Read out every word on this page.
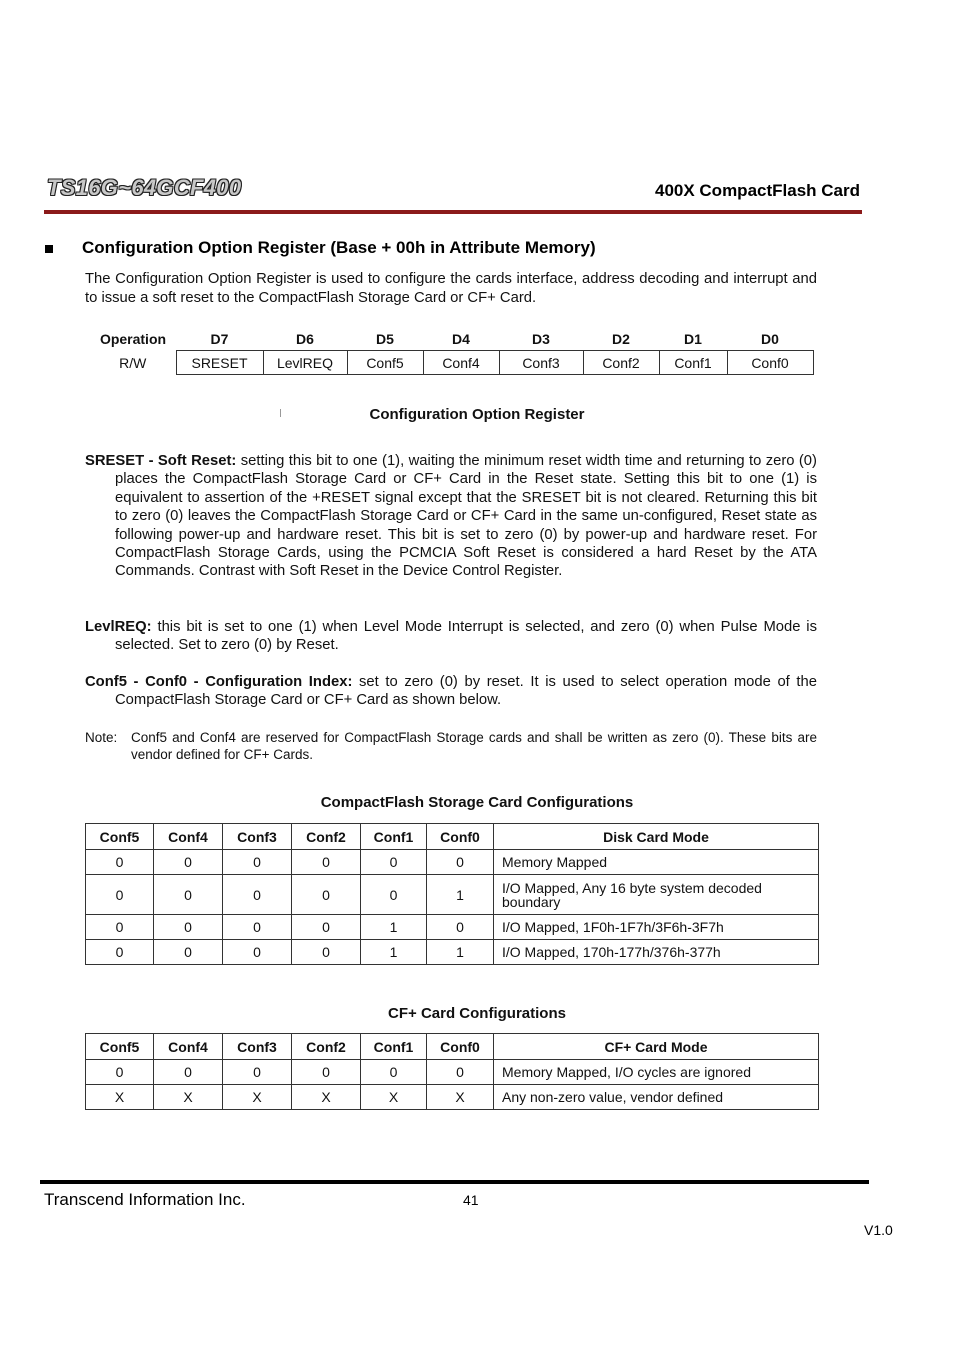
TS16G~64GCF400	400X CompactFlash Card
Configuration Option Register (Base + 00h in Attribute Memory)
The Configuration Option Register is used to configure the cards interface, address decoding and interrupt and to issue a soft reset to the CompactFlash Storage Card or CF+ Card.
Operation	D7	D6	D5	D4	D3	D2	D1	D0
R/W	SRESET	LevlREQ	Conf5	Conf4	Conf3	Conf2	Conf1	Conf0
Configuration Option Register
SRESET - Soft Reset: setting this bit to one (1), waiting the minimum reset width time and returning to zero (0) places the CompactFlash Storage Card or CF+ Card in the Reset state. Setting this bit to one (1) is equivalent to assertion of the +RESET signal except that the SRESET bit is not cleared. Returning this bit to zero (0) leaves the CompactFlash Storage Card or CF+ Card in the same un-configured, Reset state as following power-up and hardware reset. This bit is set to zero (0) by power-up and hardware reset. For CompactFlash Storage Cards, using the PCMCIA Soft Reset is considered a hard Reset by the ATA Commands. Contrast with Soft Reset in the Device Control Register.
LevlREQ: this bit is set to one (1) when Level Mode Interrupt is selected, and zero (0) when Pulse Mode is selected. Set to zero (0) by Reset.
Conf5 - Conf0 - Configuration Index: set to zero (0) by reset. It is used to select operation mode of the CompactFlash Storage Card or CF+ Card as shown below.
Note:	Conf5 and Conf4 are reserved for CompactFlash Storage cards and shall be written as zero (0). These bits are vendor defined for CF+ Cards.
CompactFlash Storage Card Configurations
Conf5	Conf4	Conf3	Conf2	Conf1	Conf0	Disk Card Mode
0	0	0	0	0	0	Memory Mapped
0	0	0	0	0	1	I/O Mapped, Any 16 byte system decoded boundary
0	0	0	0	1	0	I/O Mapped, 1F0h-1F7h/3F6h-3F7h
0	0	0	0	1	1	I/O Mapped, 170h-177h/376h-377h
CF+ Card Configurations
Conf5	Conf4	Conf3	Conf2	Conf1	Conf0	CF+ Card Mode
0	0	0	0	0	0	Memory Mapped, I/O cycles are ignored
X	X	X	X	X	X	Any non-zero value, vendor defined
Transcend Information Inc.	41
V1.0
